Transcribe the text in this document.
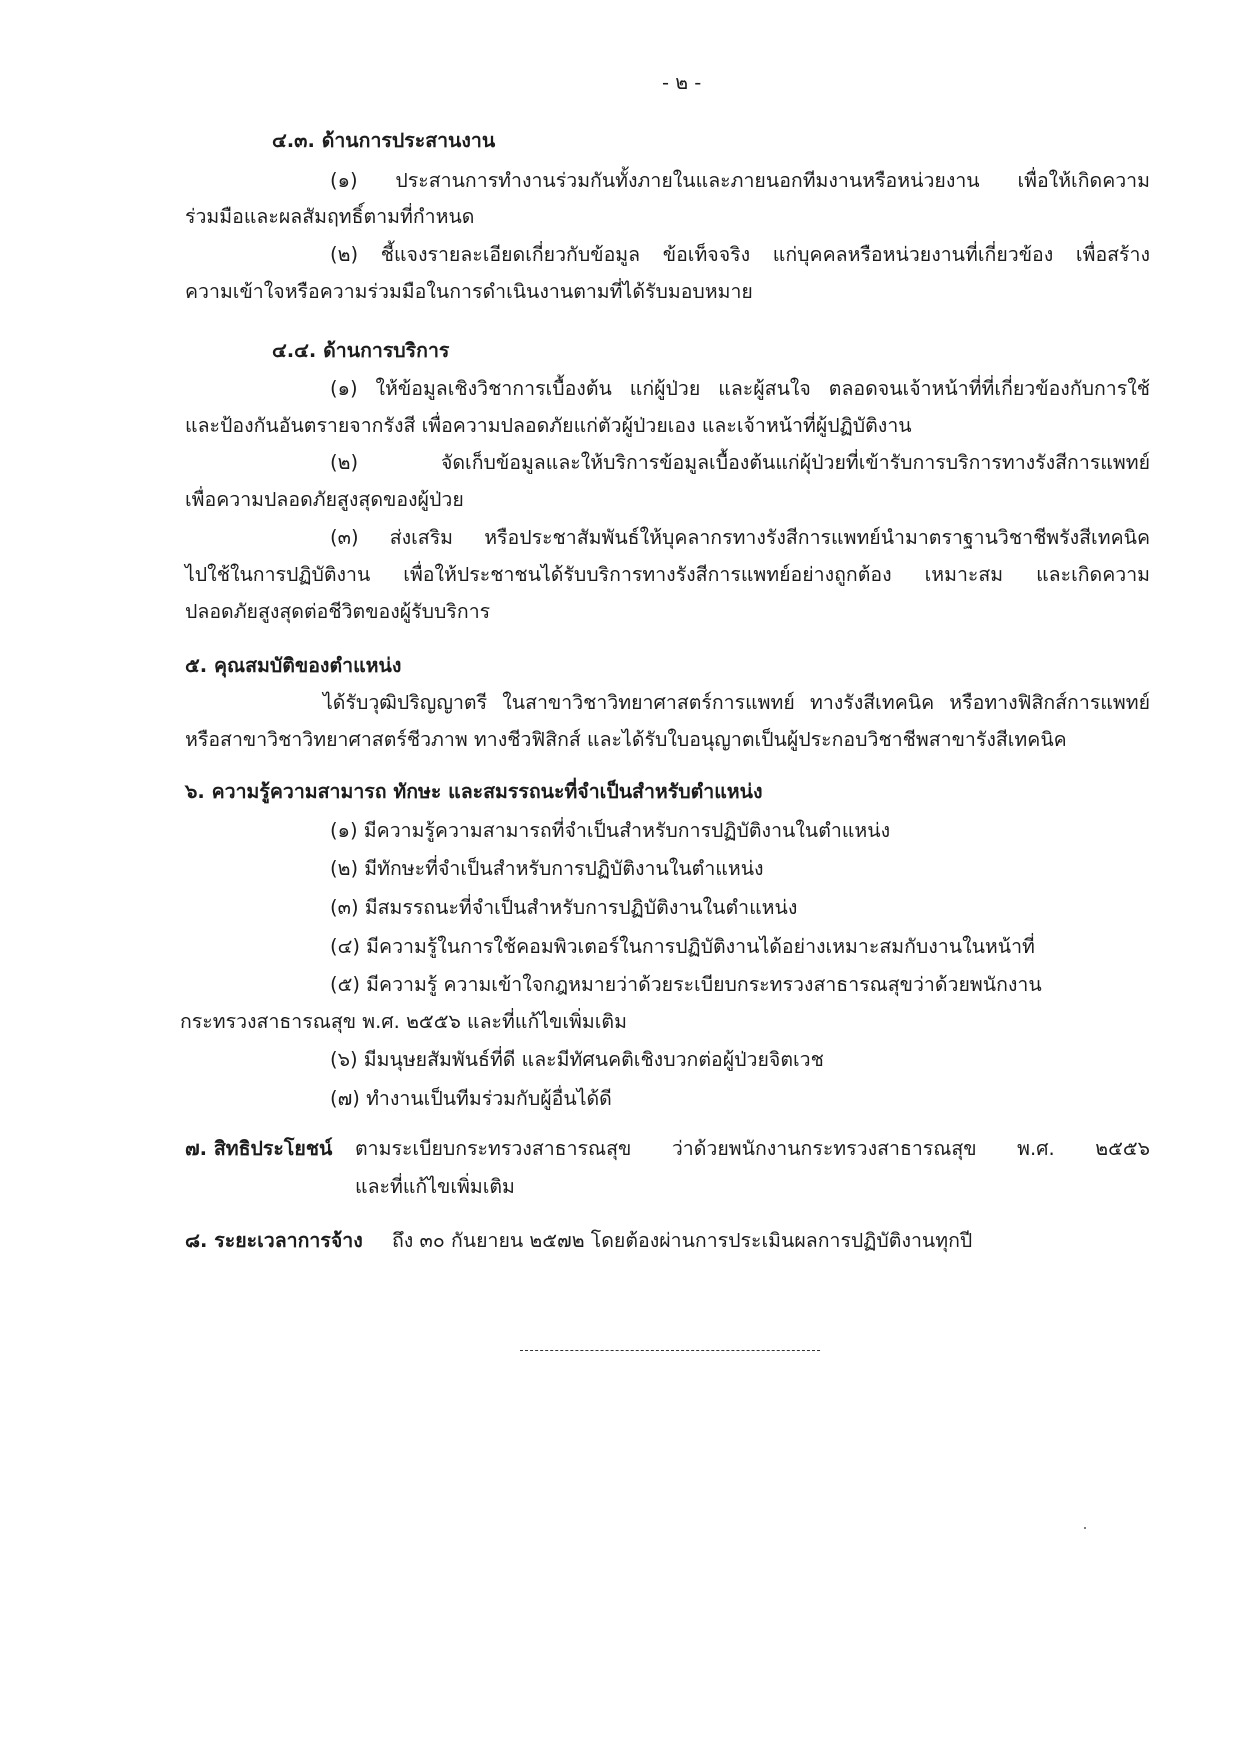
- ๒ -
๔.๓. ด้านการประสานงาน
(๑) ประสานการทำงานร่วมกันทั้งภายในและภายนอกทีมงานหรือหน่วยงาน เพื่อให้เกิดความ
ร่วมมือและผลสัมฤทธิ์ตามที่กำหนด
(๒) ชี้แจงรายละเอียดเกี่ยวกับข้อมูล ข้อเท็จจริง แก่บุคคลหรือหน่วยงานที่เกี่ยวข้อง เพื่อสร้าง
ความเข้าใจหรือความร่วมมือในการดำเนินงานตามที่ได้รับมอบหมาย
๔.๔. ด้านการบริการ
(๑) ให้ข้อมูลเชิงวิชาการเบื้องต้น แก่ผู้ป่วย และผู้สนใจ ตลอดจนเจ้าหน้าที่ที่เกี่ยวข้องกับการใช้
และป้องกันอันตรายจากรังสี เพื่อความปลอดภัยแก่ตัวผู้ป่วยเอง และเจ้าหน้าที่ผู้ปฏิบัติงาน
(๒) จัดเก็บข้อมูลและให้บริการข้อมูลเบื้องต้นแก่ผุ้ป่วยที่เข้ารับการบริการทางรังสีการแพทย์
เพื่อความปลอดภัยสูงสุดของผู้ป่วย
(๓) ส่งเสริม หรือประชาสัมพันธ์ให้บุคลากรทางรังสีการแพทย์นำมาตราฐานวิชาชีพรังสีเทคนิค
ไปใช้ในการปฏิบัติงาน เพื่อให้ประชาชนได้รับบริการทางรังสีการแพทย์อย่างถูกต้อง เหมาะสม และเกิดความ
ปลอดภัยสูงสุดต่อชีวิตของผู้รับบริการ
๕. คุณสมบัติของตำแหน่ง
ได้รับวุฒิปริญญาตรี ในสาขาวิชาวิทยาศาสตร์การแพทย์ ทางรังสีเทคนิค หรือทางฟิสิกส์การแพทย์
หรือสาขาวิชาวิทยาศาสตร์ชีวภาพ ทางชีวฟิสิกส์ และได้รับใบอนุญาตเป็นผู้ประกอบวิชาชีพสาขารังสีเทคนิค
๖. ความรู้ความสามารถ ทักษะ และสมรรถนะที่จำเป็นสำหรับตำแหน่ง
(๑) มีความรู้ความสามารถที่จำเป็นสำหรับการปฏิบัติงานในตำแหน่ง
(๒) มีทักษะที่จำเป็นสำหรับการปฏิบัติงานในตำแหน่ง
(๓) มีสมรรถนะที่จำเป็นสำหรับการปฏิบัติงานในตำแหน่ง
(๔) มีความรู้ในการใช้คอมพิวเตอร์ในการปฏิบัติงานได้อย่างเหมาะสมกับงานในหน้าที่
(๕) มีความรู้ ความเข้าใจกฎหมายว่าด้วยระเบียบกระทรวงสาธารณสุขว่าด้วยพนักงาน
กระทรวงสาธารณสุข พ.ศ. ๒๕๕๖ และที่แก้ไขเพิ่มเติม
(๖) มีมนุษยสัมพันธ์ที่ดี และมีทัศนคติเชิงบวกต่อผู้ป่วยจิตเวช
(๗) ทำงานเป็นทีมร่วมกับผู้อื่นได้ดี
๗. สิทธิประโยชน์ ตามระเบียบกระทรวงสาธารณสุข ว่าด้วยพนักงานกระทรวงสาธารณสุข พ.ศ. ๒๕๕๖
และที่แก้ไขเพิ่มเติม
๘. ระยะเวลาการจ้าง ถึง ๓๐ กันยายน ๒๕๗๒ โดยต้องผ่านการประเมินผลการปฏิบัติงานทุกปี
